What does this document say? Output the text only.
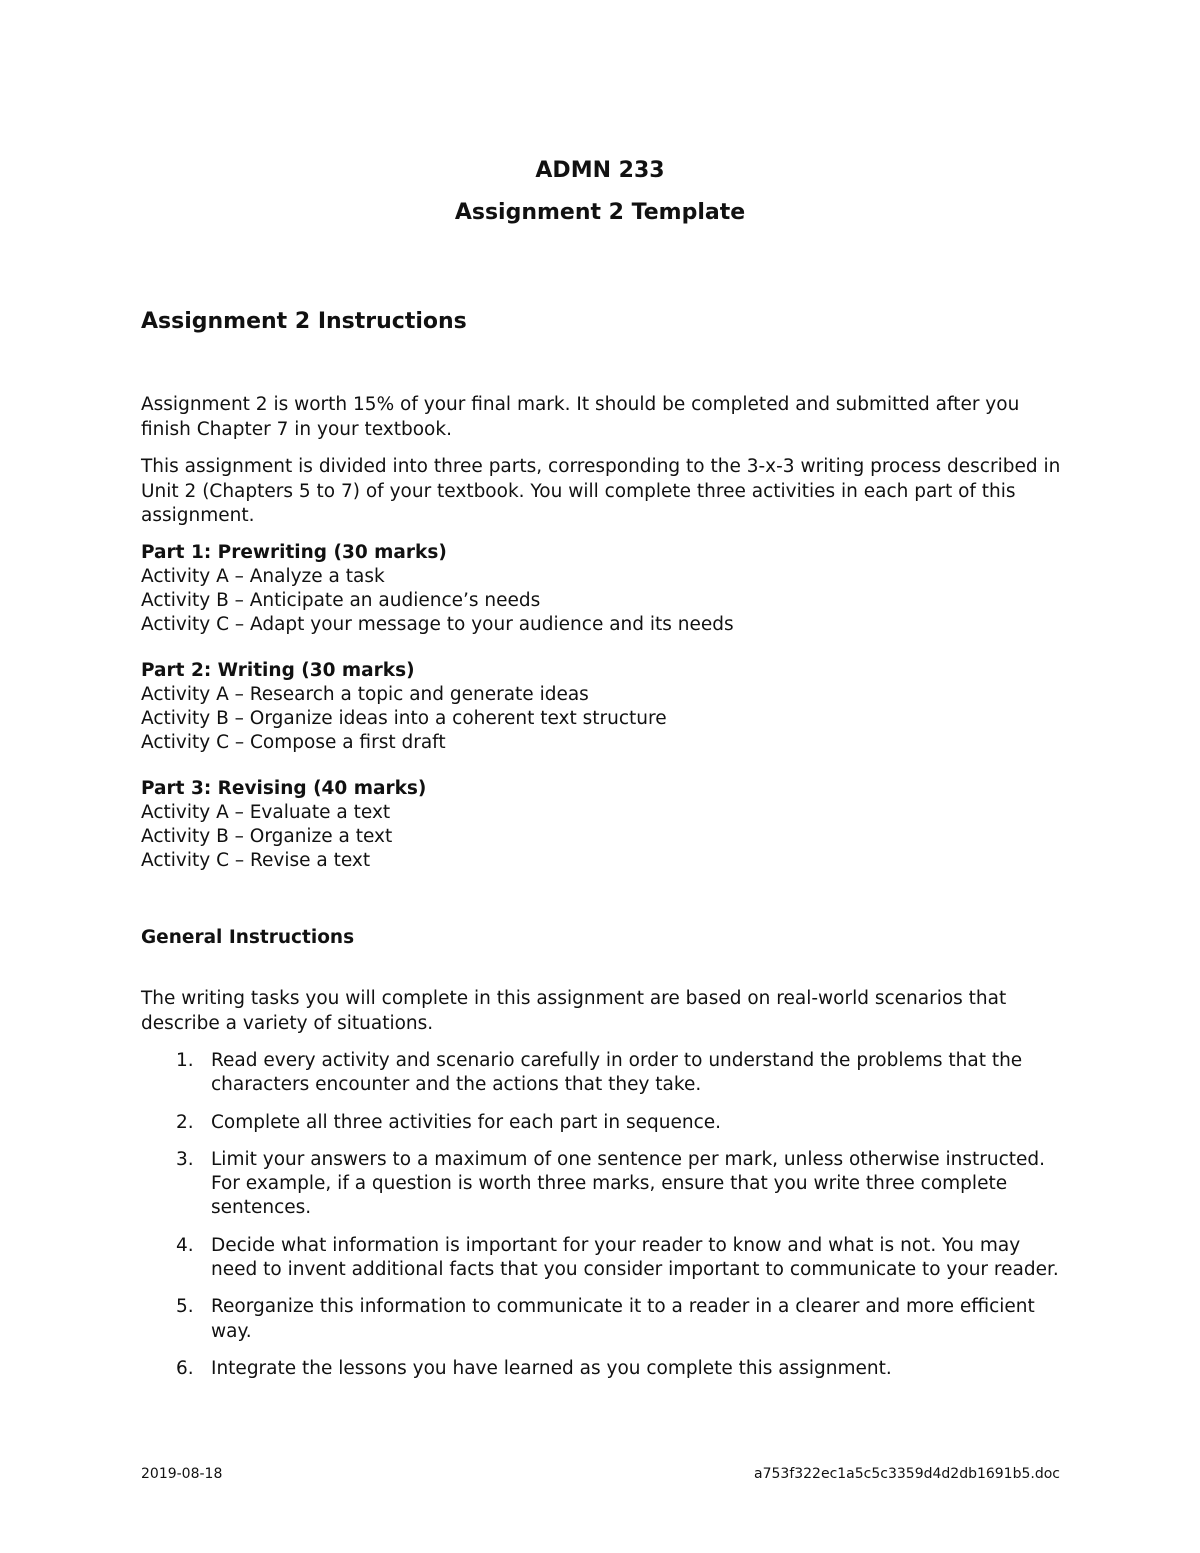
ADMN 233
Assignment 2 Template
Assignment 2 Instructions

Assignment 2 is worth 15% of your final mark. It should be completed and submitted after you finish Chapter 7 in your textbook.

This assignment is divided into three parts, corresponding to the 3-x-3 writing process described in Unit 2 (Chapters 5 to 7) of your textbook. You will complete three activities in each part of this assignment.

Part 1: Prewriting (30 marks)
Activity A – Analyze a task
Activity B – Anticipate an audience’s needs
Activity C – Adapt your message to your audience and its needs
Part 2: Writing (30 marks)
Activity A – Research a topic and generate ideas
Activity B – Organize ideas into a coherent text structure
Activity C – Compose a first draft
Part 3: Revising (40 marks)
Activity A – Evaluate a text
Activity B – Organize a text
Activity C – Revise a text
General Instructions

The writing tasks you will complete in this assignment are based on real-world scenarios that describe a variety of situations.

1. Read every activity and scenario carefully in order to understand the problems that the characters encounter and the actions that they take.
2. Complete all three activities for each part in sequence.
3. Limit your answers to a maximum of one sentence per mark, unless otherwise instructed. For example, if a question is worth three marks, ensure that you write three complete sentences.
4. Decide what information is important for your reader to know and what is not. You may need to invent additional facts that you consider important to communicate to your reader.
5. Reorganize this information to communicate it to a reader in a clearer and more efficient way.
6. Integrate the lessons you have learned as you complete this assignment.
2019-08-18	a753f322ec1a5c5c3359d4d2db1691b5.doc
